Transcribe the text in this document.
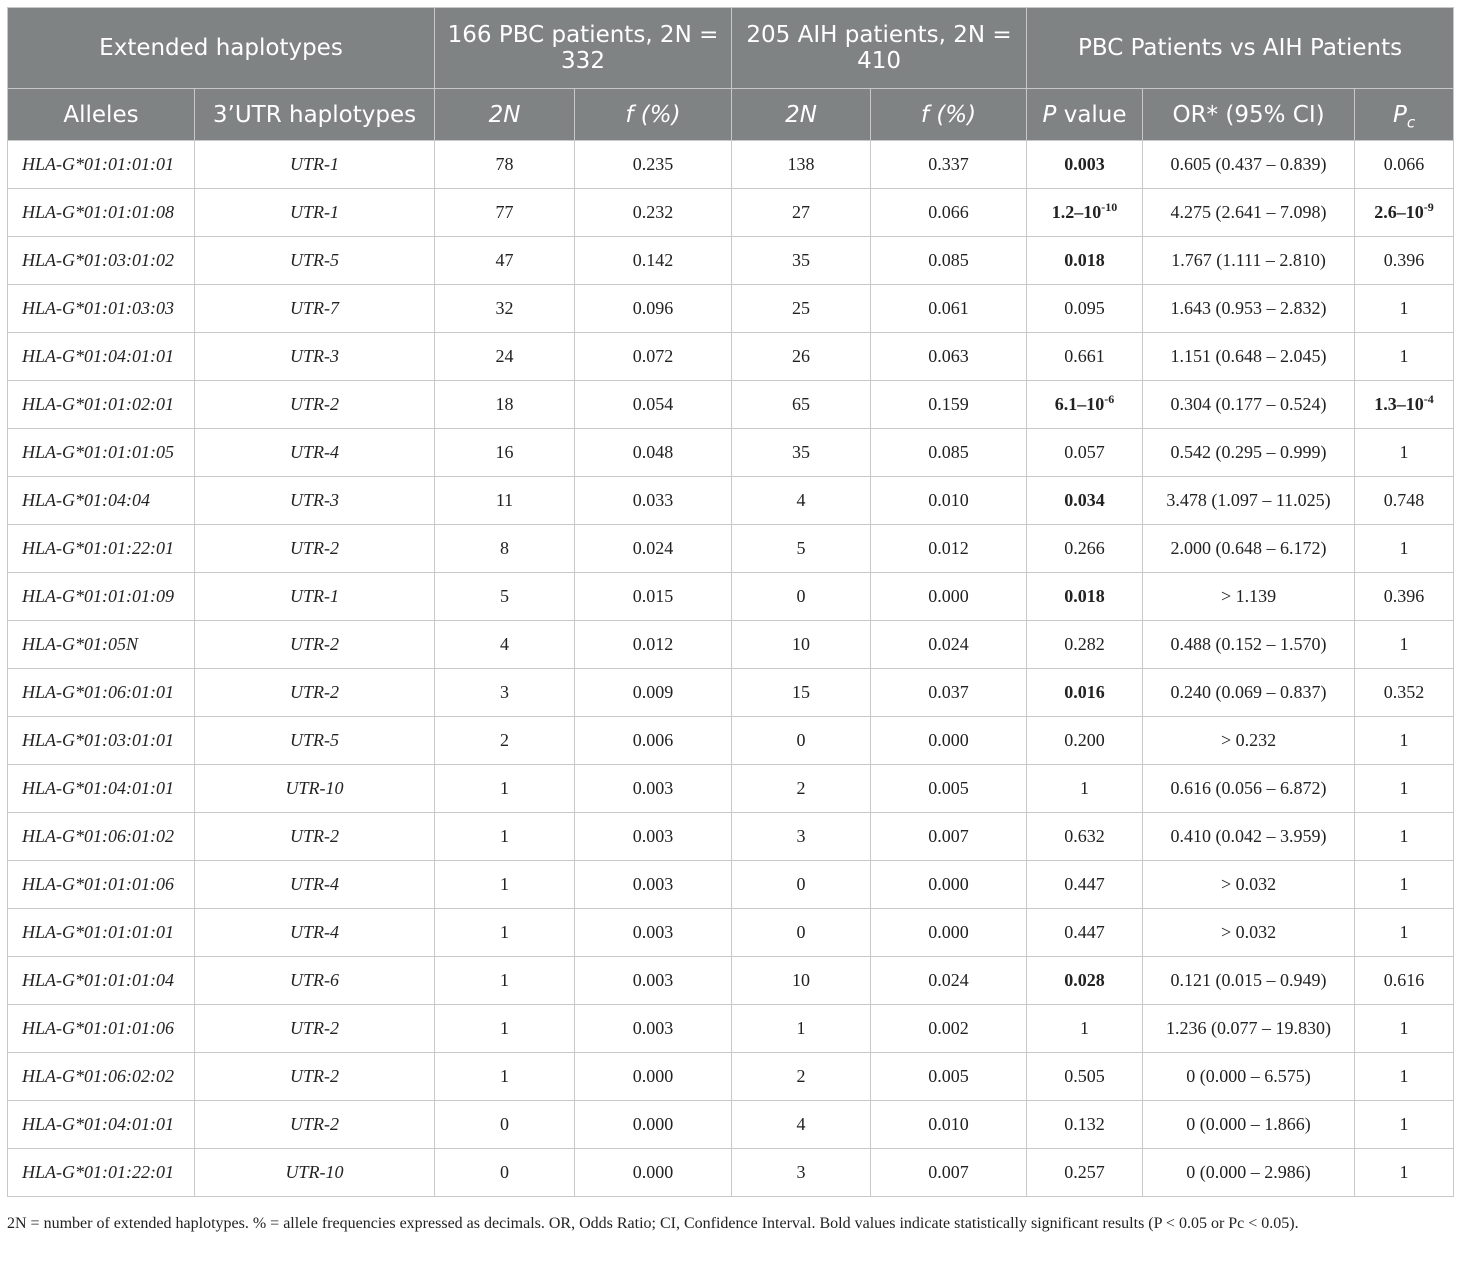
Extended haplotypes		166 PBC patients, 2N = 332		205 AIH patients, 2N = 410		PBC Patients vs AIH Patients		
Alleles	3’UTR haplotypes	2N	f (%)	2N	f (%)	P value	OR* (95% CI)	$P_c$
HLA-G*01:01:01:01	UTR-1	78	0.235	138	0.337	0.003	0.605 (0.437 – 0.839)	0.066
HLA-G*01:01:01:08	UTR-1	77	0.232	27	0.066	$1.2-10^{-10}$	4.275 (2.641 – 7.098)	$2.6-10^{-9}$
HLA-G*01:03:01:02	UTR-5	47	0.142	35	0.085	0.018	1.767 (1.111 – 2.810)	0.396
HLA-G*01:01:03:03	UTR-7	32	0.096	25	0.061	0.095	1.643 (0.953 – 2.832)	1
HLA-G*01:04:01:01	UTR-3	24	0.072	26	0.063	0.661	1.151 (0.648 – 2.045)	1
HLA-G*01:01:02:01	UTR-2	18	0.054	65	0.159	$6.1-10^{-6}$	0.304 (0.177 – 0.524)	$1.3-10^{-4}$
HLA-G*01:01:01:05	UTR-4	16	0.048	35	0.085	0.057	0.542 (0.295 – 0.999)	1
HLA-G*01:04:04	UTR-3	11	0.033	4	0.010	0.034	3.478 (1.097 – 11.025)	0.748
HLA-G*01:01:22:01	UTR-2	8	0.024	5	0.012	0.266	2.000 (0.648 – 6.172)	1
HLA-G*01:01:01:09	UTR-1	5	0.015	0	0.000	0.018	> 1.139	0.396
HLA-G*01:05N	UTR-2	4	0.012	10	0.024	0.282	0.488 (0.152 – 1.570)	1
HLA-G*01:06:01:01	UTR-2	3	0.009	15	0.037	0.016	0.240 (0.069 – 0.837)	0.352
HLA-G*01:03:01:01	UTR-5	2	0.006	0	0.000	0.200	> 0.232	1
HLA-G*01:04:01:01	UTR-10	1	0.003	2	0.005	1	0.616 (0.056 – 6.872)	1
HLA-G*01:06:01:02	UTR-2	1	0.003	3	0.007	0.632	0.410 (0.042 – 3.959)	1
HLA-G*01:01:01:06	UTR-4	1	0.003	0	0.000	0.447	> 0.032	1
HLA-G*01:01:01:01	UTR-4	1	0.003	0	0.000	0.447	> 0.032	1
HLA-G*01:01:01:04	UTR-6	1	0.003	10	0.024	0.028	0.121 (0.015 – 0.949)	0.616
HLA-G*01:01:01:06	UTR-2	1	0.003	1	0.002	1	1.236 (0.077 – 19.830)	1
HLA-G*01:06:02:02	UTR-2	1	0.000	2	0.005	0.505	0 (0.000 – 6.575)	1
HLA-G*01:04:01:01	UTR-2	0	0.000	4	0.010	0.132	0 (0.000 – 1.866)	1
HLA-G*01:01:22:01	UTR-10	0	0.000	3	0.007	0.257	0 (0.000 – 2.986)	1
2N = number of extended haplotypes. % = allele frequencies expressed as decimals. OR, Odds Ratio; CI, Confidence Interval. Bold values indicate statistically significant results (P < 0.05 or Pc < 0.05).
